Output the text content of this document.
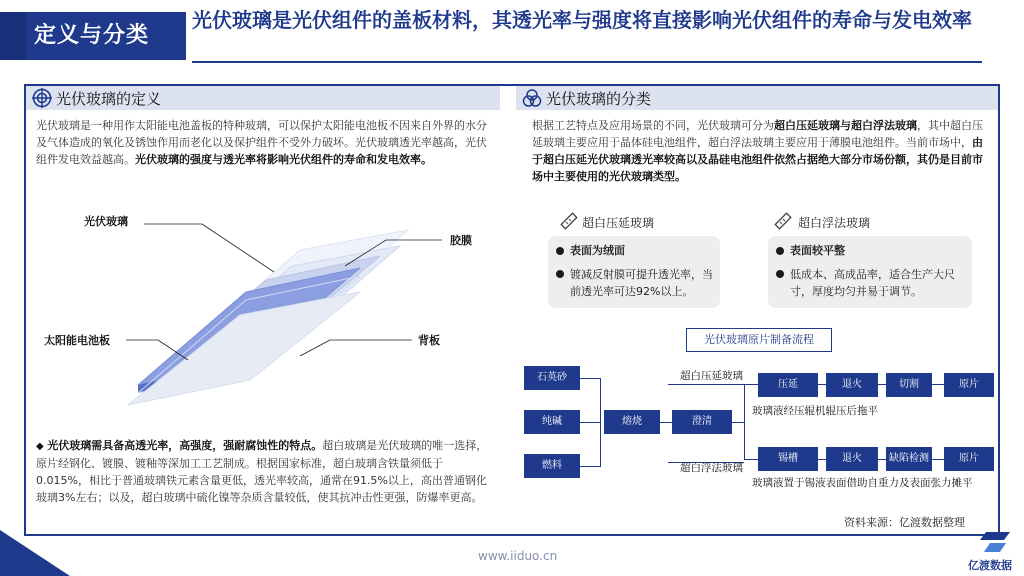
定义与分类
光伏玻璃是光伏组件的盖板材料，其透光率与强度将直接影响光伏组件的寿命与发电效率
光伏玻璃的定义	光伏玻璃的分类
光伏玻璃是一种用作太阳能电池盖板的特种玻璃，可以保护太阳能电池板不因来自外界的水分及气体造成的氧化及锈蚀作用而老化以及保护组件不受外力破坏。光伏玻璃透光率越高，光伏组件发电效益越高。光伏玻璃的强度与透光率将影响光伏组件的寿命和发电效率。
光伏玻璃
胶膜
太阳能电池板	背板
◆ 光伏玻璃需具备高透光率，高强度，强耐腐蚀性的特点。超白玻璃是光伏玻璃的唯一选择，原片经钢化、镀膜、镀釉等深加工工艺制成。根据国家标准，超白玻璃含铁量须低于0.015%，相比于普通玻璃铁元素含量更低，透光率较高，通常在91.5%以上，高出普通钢化玻璃3%左右；以及，超白玻璃中硫化镍等杂质含量较低，使其抗冲击性更强，防爆率更高。
根据工艺特点及应用场景的不同，光伏玻璃可分为超白压延玻璃与超白浮法玻璃，其中超白压延玻璃主要应用于晶体硅电池组件，超白浮法玻璃主要应用于薄膜电池组件。当前市场中，由于超白压延光伏玻璃透光率较高以及晶硅电池组件依然占据绝大部分市场份额，其仍是目前市场中主要使用的光伏玻璃类型。
超白压延玻璃	超白浮法玻璃
表面为绒面
镀减反射膜可提升透光率，当前透光率可达92%以上。
表面较平整
低成本、高成品率，适合生产大尺寸，厚度均匀并易于调节。
光伏玻璃原片制备流程
石英砂
纯碱
燃料
熔烧	澄清
超白压延玻璃
超白浮法玻璃
压延	退火	切割	原片
玻璃液经压辊机辊压后拖平
锡槽	退火	缺陷检测	原片
玻璃液置于锡液表面借助自重力及表面张力摊平
资料来源：亿渡数据整理
www.iiduo.cn
亿渡数据
